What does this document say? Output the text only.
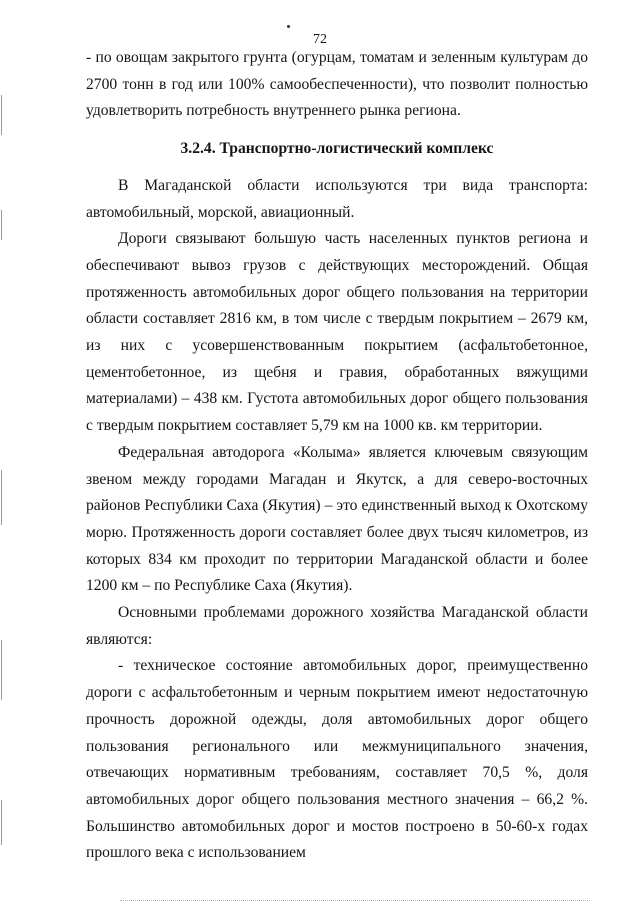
72

- по овощам закрытого грунта (огурцам, томатам и зеленным культурам до 2700 тонн в год или 100% самообеспеченности), что позволит полностью удовлетворить потребность внутреннего рынка региона.

3.2.4. Транспортно-логистический комплекс

В Магаданской области используются три вида транспорта: автомобильный, морской, авиационный.

Дороги связывают большую часть населенных пунктов региона и обеспечивают вывоз грузов с действующих месторождений. Общая протяженность автомобильных дорог общего пользования на территории области составляет 2816 км, в том числе с твердым покрытием – 2679 км, из них с усовершенствованным покрытием (асфальтобетонное, цементобетонное, из щебня и гравия, обработанных вяжущими материалами) – 438 км. Густота автомобильных дорог общего пользования с твердым покрытием составляет 5,79 км на 1000 кв. км территории.

Федеральная автодорога «Колыма» является ключевым связующим звеном между городами Магадан и Якутск, а для северо-восточных районов Республики Саха (Якутия) – это единственный выход к Охотскому морю. Протяженность дороги составляет более двух тысяч километров, из которых 834 км проходит по территории Магаданской области и более 1200 км – по Республике Саха (Якутия).

Основными проблемами дорожного хозяйства Магаданской области являются:

- техническое состояние автомобильных дорог, преимущественно дороги с асфальтобетонным и черным покрытием имеют недостаточную прочность дорожной одежды, доля автомобильных дорог общего пользования регионального или межмуниципального значения, отвечающих нормативным требованиям, составляет 70,5 %, доля автомобильных дорог общего пользования местного значения – 66,2 %. Большинство автомобильных дорог и мостов построено в 50-60-х годах прошлого века с использованием
